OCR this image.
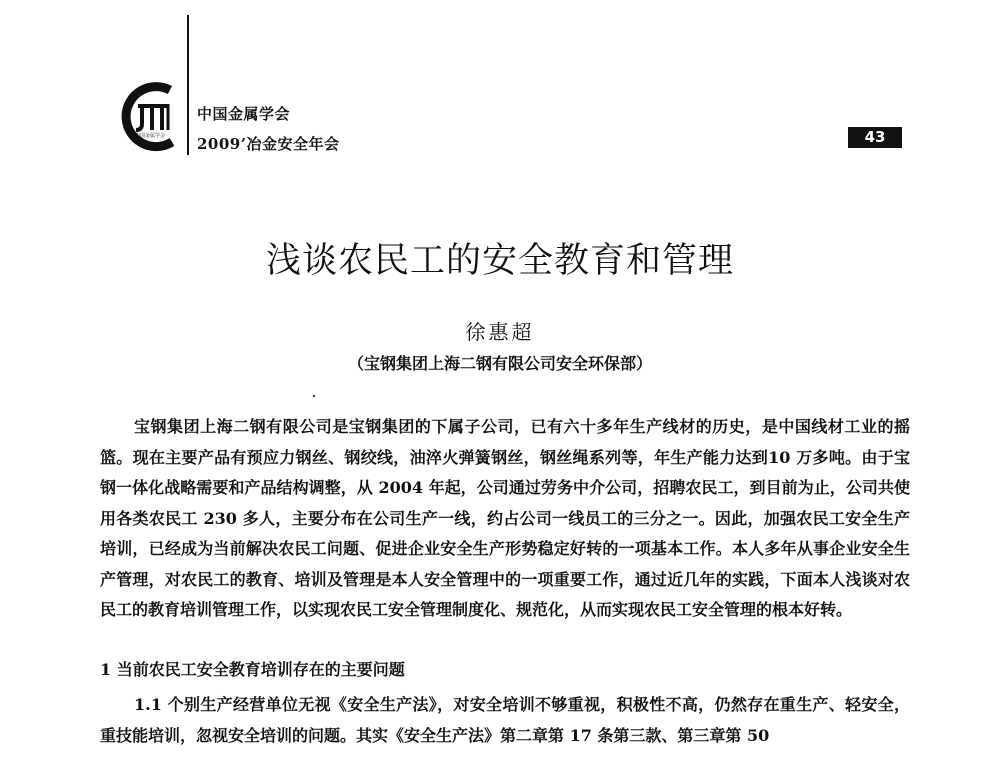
中国金属学会
中国金属学会
2009’冶金安全年会	43
浅谈农民工的安全教育和管理
徐惠超
（宝钢集团上海二钢有限公司安全环保部）
宝钢集团上海二钢有限公司是宝钢集团的下属子公司，已有六十多年生产线材的历史，是中国线材工业的摇篮。现在主要产品有预应力钢丝、钢绞线，油淬火弹簧钢丝，钢丝绳系列等，年生产能力达到10 万多吨。由于宝钢一体化战略需要和产品结构调整，从 2004 年起，公司通过劳务中介公司，招聘农民工，到目前为止，公司共使用各类农民工 230 多人，主要分布在公司生产一线，约占公司一线员工的三分之一。因此，加强农民工安全生产培训，已经成为当前解决农民工问题、促进企业安全生产形势稳定好转的一项基本工作。本人多年从事企业安全生产管理，对农民工的教育、培训及管理是本人安全管理中的一项重要工作，通过近几年的实践，下面本人浅谈对农民工的教育培训管理工作，以实现农民工安全管理制度化、规范化，从而实现农民工安全管理的根本好转。
1 当前农民工安全教育培训存在的主要问题
1.1 个别生产经营单位无视《安全生产法》，对安全培训不够重视，积极性不高，仍然存在重生产、轻安全，重技能培训，忽视安全培训的问题。其实《安全生产法》第二章第 17 条第三款、第三章第 50
